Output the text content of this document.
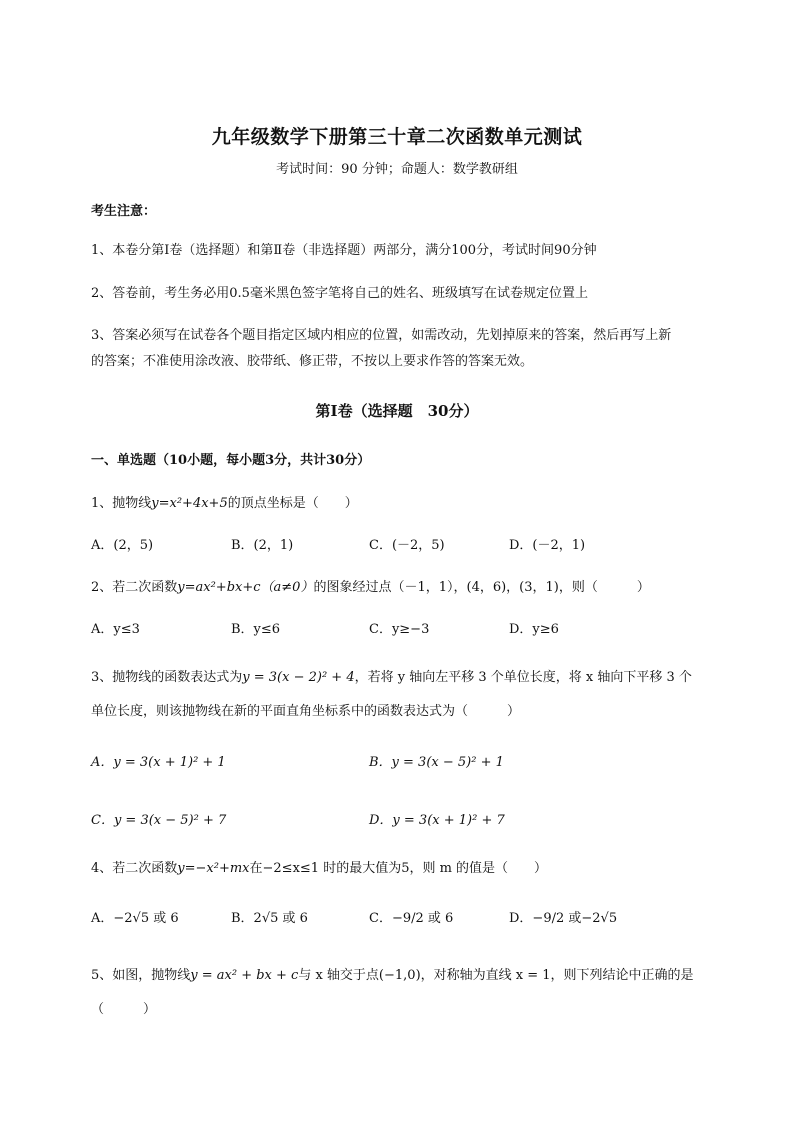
九年级数学下册第三十章二次函数单元测试
考试时间：90 分钟；命题人：数学教研组
考生注意：
1、本卷分第Ⅰ卷（选择题）和第Ⅱ卷（非选择题）两部分，满分100分，考试时间90分钟
2、答卷前，考生务必用0.5毫米黑色签字笔将自己的姓名、班级填写在试卷规定位置上
3、答案必须写在试卷各个题目指定区域内相应的位置，如需改动，先划掉原来的答案，然后再写上新
的答案；不准使用涂改液、胶带纸、修正带，不按以上要求作答的答案无效。
第Ⅰ卷（选择题　30分）
一、单选题（10小题，每小题3分，共计30分）
1、抛物线y=x²+4x+5的顶点坐标是（　　）
A．(2，5)	B．(2，1)	C．(－2，5)	D．(－2，1)
2、若二次函数y=ax²+bx+c（a≠0）的图象经过点（－1，1），(4，6)，(3，1)，则（　　　）
A．y≤3	B．y≤6	C．y≥−3	D．y≥6
3、抛物线的函数表达式为y = 3(x − 2)² + 4，若将 y 轴向左平移 3 个单位长度，将 x 轴向下平移 3 个
单位长度，则该抛物线在新的平面直角坐标系中的函数表达式为（　　　）
A．y = 3(x + 1)² + 1	B．y = 3(x − 5)² + 1
C．y = 3(x − 5)² + 7	D．y = 3(x + 1)² + 7
4、若二次函数y=−x²+mx在−2≤x≤1 时的最大值为5，则 m 的值是（　　）
A．−2√5 或 6	B．2√5 或 6	C．−9/2 或 6	D．−9/2 或−2√5
5、如图，抛物线y = ax² + bx + c与 x 轴交于点(−1,0)，对称轴为直线 x = 1，则下列结论中正确的是
（　　　）
